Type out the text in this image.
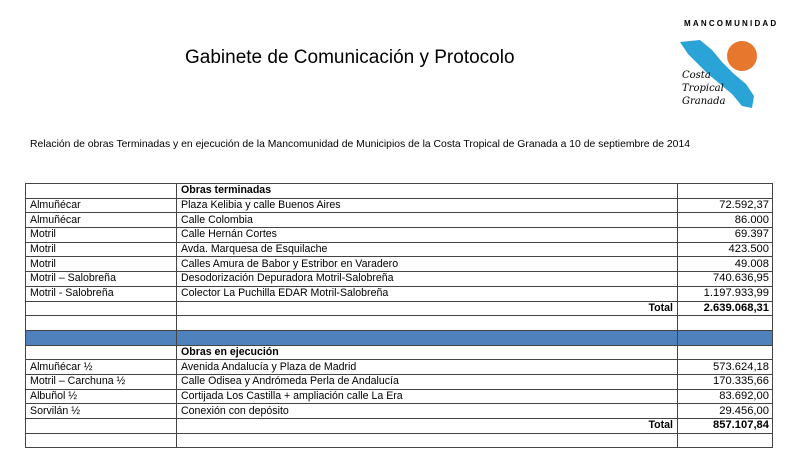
Gabinete de Comunicación y Protocolo
MANCOMUNIDAD
Costa
Tropical
Granada
Relación de obras Terminadas y en ejecución de la Mancomunidad de Municipios de la Costa Tropical de Granada a 10 de septiembre de 2014
	Obras terminadas	
Almuñécar	Plaza Kelibia y calle Buenos Aires	72.592,37
Almuñécar	Calle Colombia	86.000
Motril	Calle Hernán Cortes	69.397
Motril	Avda. Marquesa de Esquilache	423.500
Motril	Calles Amura de Babor y Estribor en Varadero	49.008
Motril – Salobreña	Desodorización Depuradora Motril-Salobreña	740.636,95
Motril - Salobreña	Colector La Puchilla EDAR Motril-Salobreña	1.197.933,99
	Total	2.639.068,31

	Obras en ejecución	
Almuñécar ½	Avenida Andalucía y Plaza de Madrid	573.624,18
Motril – Carchuna ½	Calle Odisea y Andrómeda Perla de Andalucía	170.335,66
Albuñol ½	Cortijada Los Castilla + ampliación calle La Era	83.692,00
Sorvilán ½	Conexión con depósito	29.456,00
	Total	857.107,84
